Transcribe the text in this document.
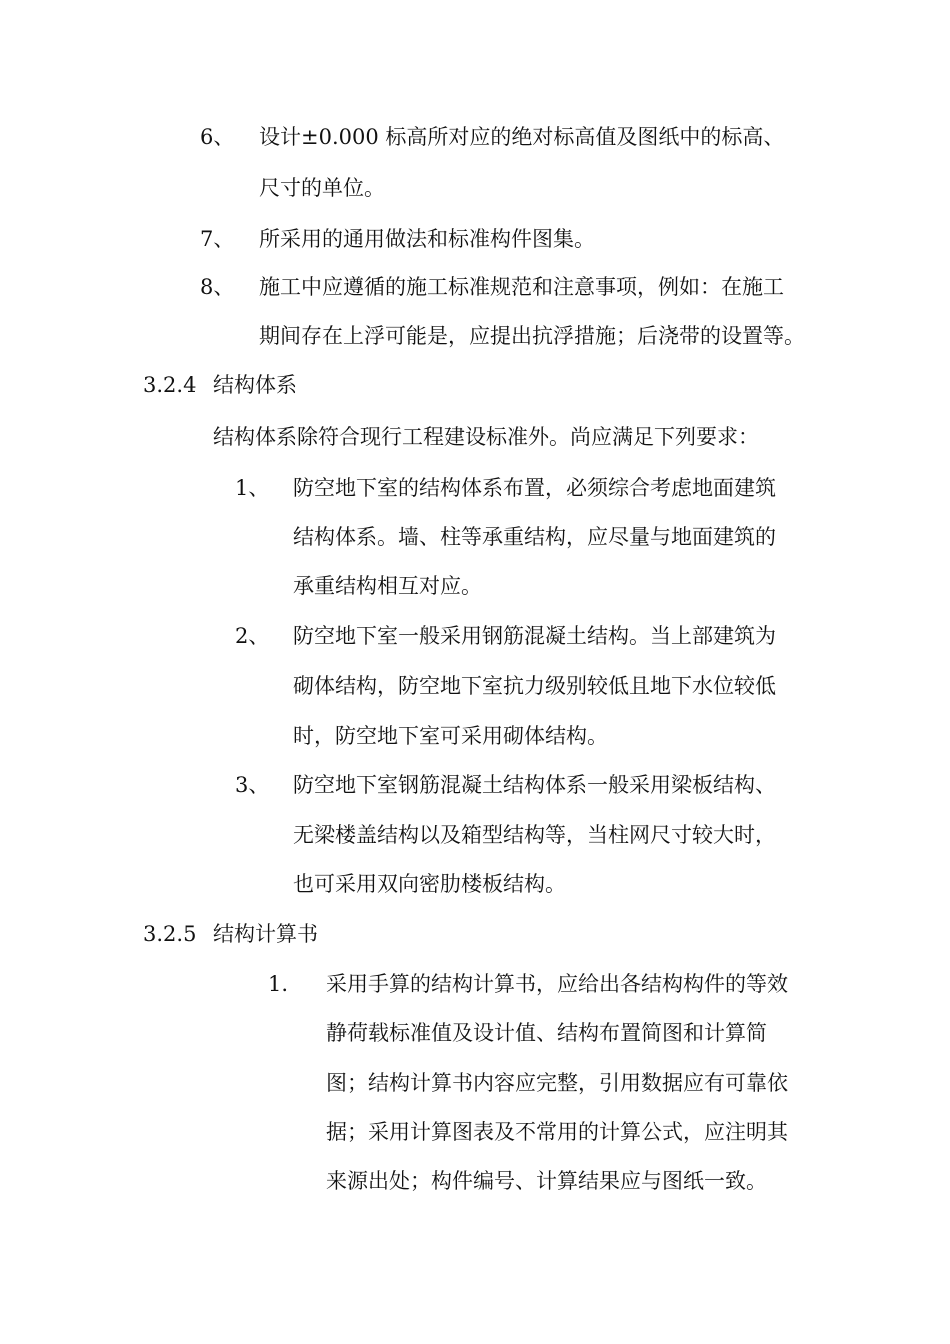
6、 设计±0.000 标高所对应的绝对标高值及图纸中的标高、
尺寸的单位。
7、 所采用的通用做法和标准构件图集。
8、 施工中应遵循的施工标准规范和注意事项，例如：在施工
期间存在上浮可能是，应提出抗浮措施；后浇带的设置等。
3.2.4 结构体系
结构体系除符合现行工程建设标准外。尚应满足下列要求：
1、 防空地下室的结构体系布置，必须综合考虑地面建筑
结构体系。墙、柱等承重结构，应尽量与地面建筑的
承重结构相互对应。
2、 防空地下室一般采用钢筋混凝土结构。当上部建筑为
砌体结构，防空地下室抗力级别较低且地下水位较低
时，防空地下室可采用砌体结构。
3、 防空地下室钢筋混凝土结构体系一般采用梁板结构、
无梁楼盖结构以及箱型结构等，当柱网尺寸较大时，
也可采用双向密肋楼板结构。
3.2.5 结构计算书
1. 采用手算的结构计算书，应给出各结构构件的等效
静荷载标准值及设计值、结构布置简图和计算简
图；结构计算书内容应完整，引用数据应有可靠依
据；采用计算图表及不常用的计算公式，应注明其
来源出处；构件编号、计算结果应与图纸一致。
